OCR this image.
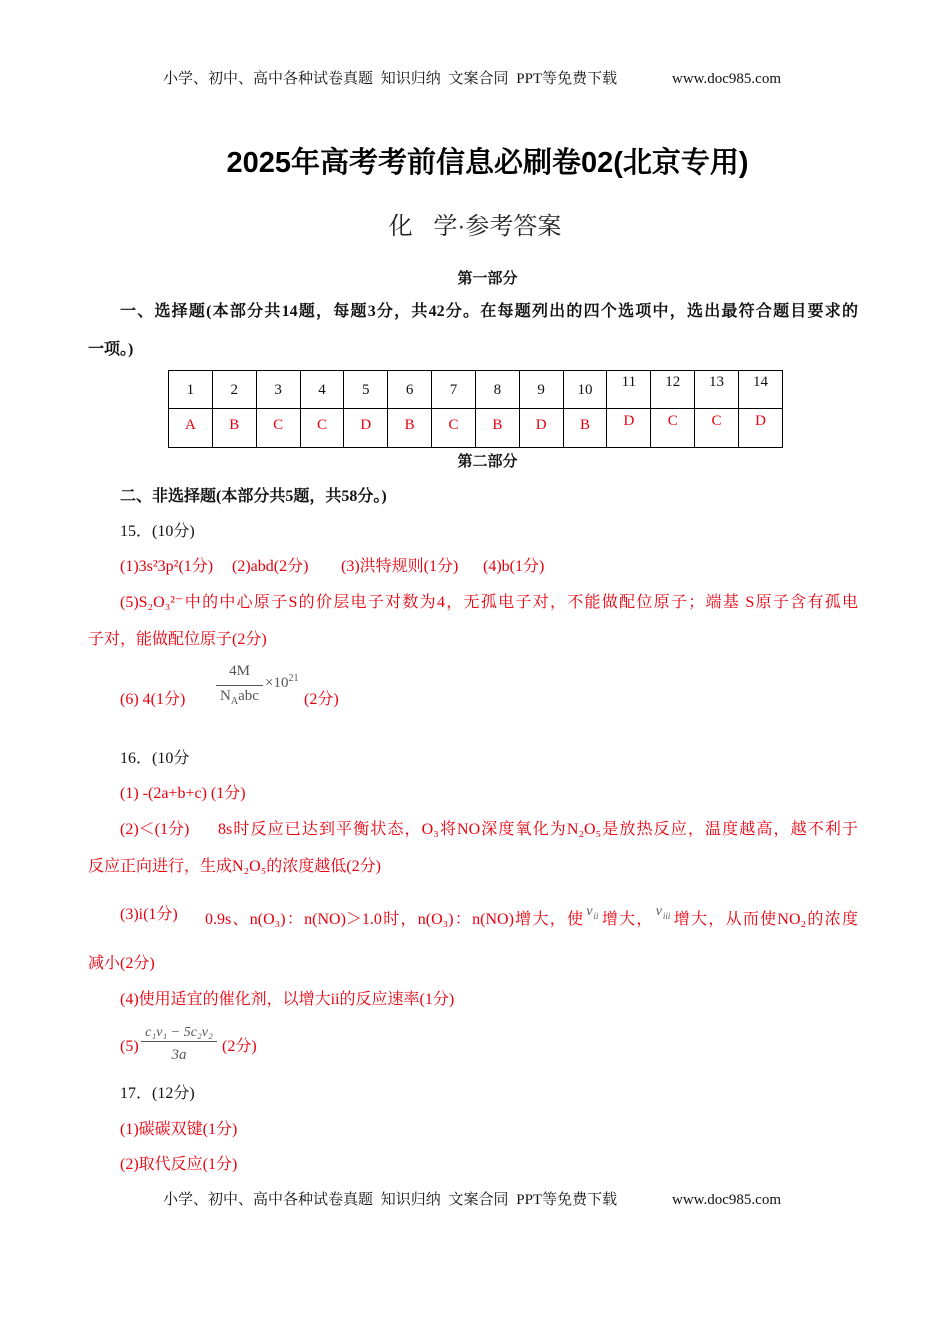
小学、初中、高中各种试卷真题 知识归纳 文案合同 PPT等免费下载	www.doc985.com
2025年高考考前信息必刷卷02(北京专用)
化 学·参考答案
第一部分
一、选择题(本部分共14题，每题3分，共42分。在每题列出的四个选项中，选出最符合题目要求的
一项。)
1	2	3	4	5	6	7	8	9	10	11	12	13	14

A	B	C	C	D	B	C	B	D	B	D	C	C	D
第二部分
二、非选择题(本部分共5题，共58分。)
15．(10分)
(1)3s²3p²(1分) (2)abd(2分) (3)洪特规则(1分) (4)b(1分)
(5)S₂O₃²⁻中的中心原子S的价层电子对数为4，无孤电子对，不能做配位原子；端基 S原子含有孤电
子对，能做配位原子(2分)
(6) 4(1分)
4M
$N_Aabc$
$\times 10^{21}$
(2分)
16．(10分
(1) -(2a+b+c) (1分)
(2)＜(1分) 8s时反应已达到平衡状态，O₃将NO深度氧化为N₂O₅是放热反应，温度越高，越不利于
反应正向进行，生成N₂O₅的浓度越低(2分)
(3)i(1分) 0.9s、n(O₃)：n(NO)＞1.0时，n(O₃)：n(NO)增大，使 $v_{ii}$ 增大， $v_{iii}$ 增大，从而使NO₂的浓度
减小(2分)
(4)使用适宜的催化剂，以增大ii的反应速率(1分)
(5)
c₁v₁ − 5c₂v₂
3a	(2分)
17．(12分)
(1)碳碳双键(1分)
(2)取代反应(1分)
小学、初中、高中各种试卷真题 知识归纳 文案合同 PPT等免费下载	www.doc985.com
